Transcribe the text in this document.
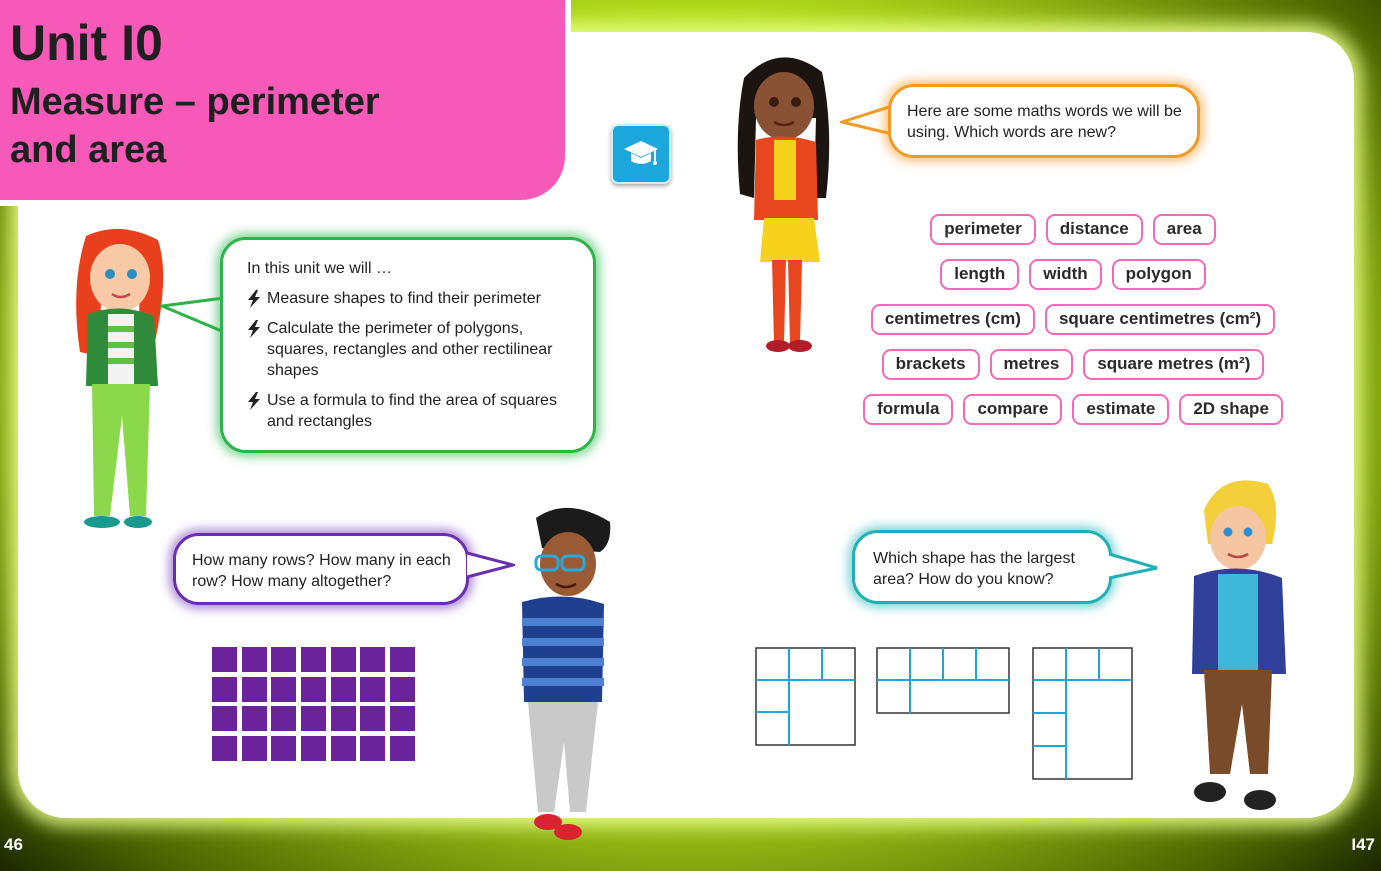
Unit I0
Measure – perimeter
and area
In this unit we will …
Measure shapes to find their perimeter
Calculate the perimeter of polygons, squares, rectangles and other rectilinear shapes
Use a formula to find the area of squares and rectangles
Here are some maths words we will be using. Which words are new?
perimeter	distance	area
length	width	polygon
centimetres (cm)	square centimetres (cm²)
brackets	metres	square metres (m²)
formula	compare	estimate	2D shape
How many rows? How many in each row? How many altogether?
Which shape has the largest area? How do you know?
46	I47
